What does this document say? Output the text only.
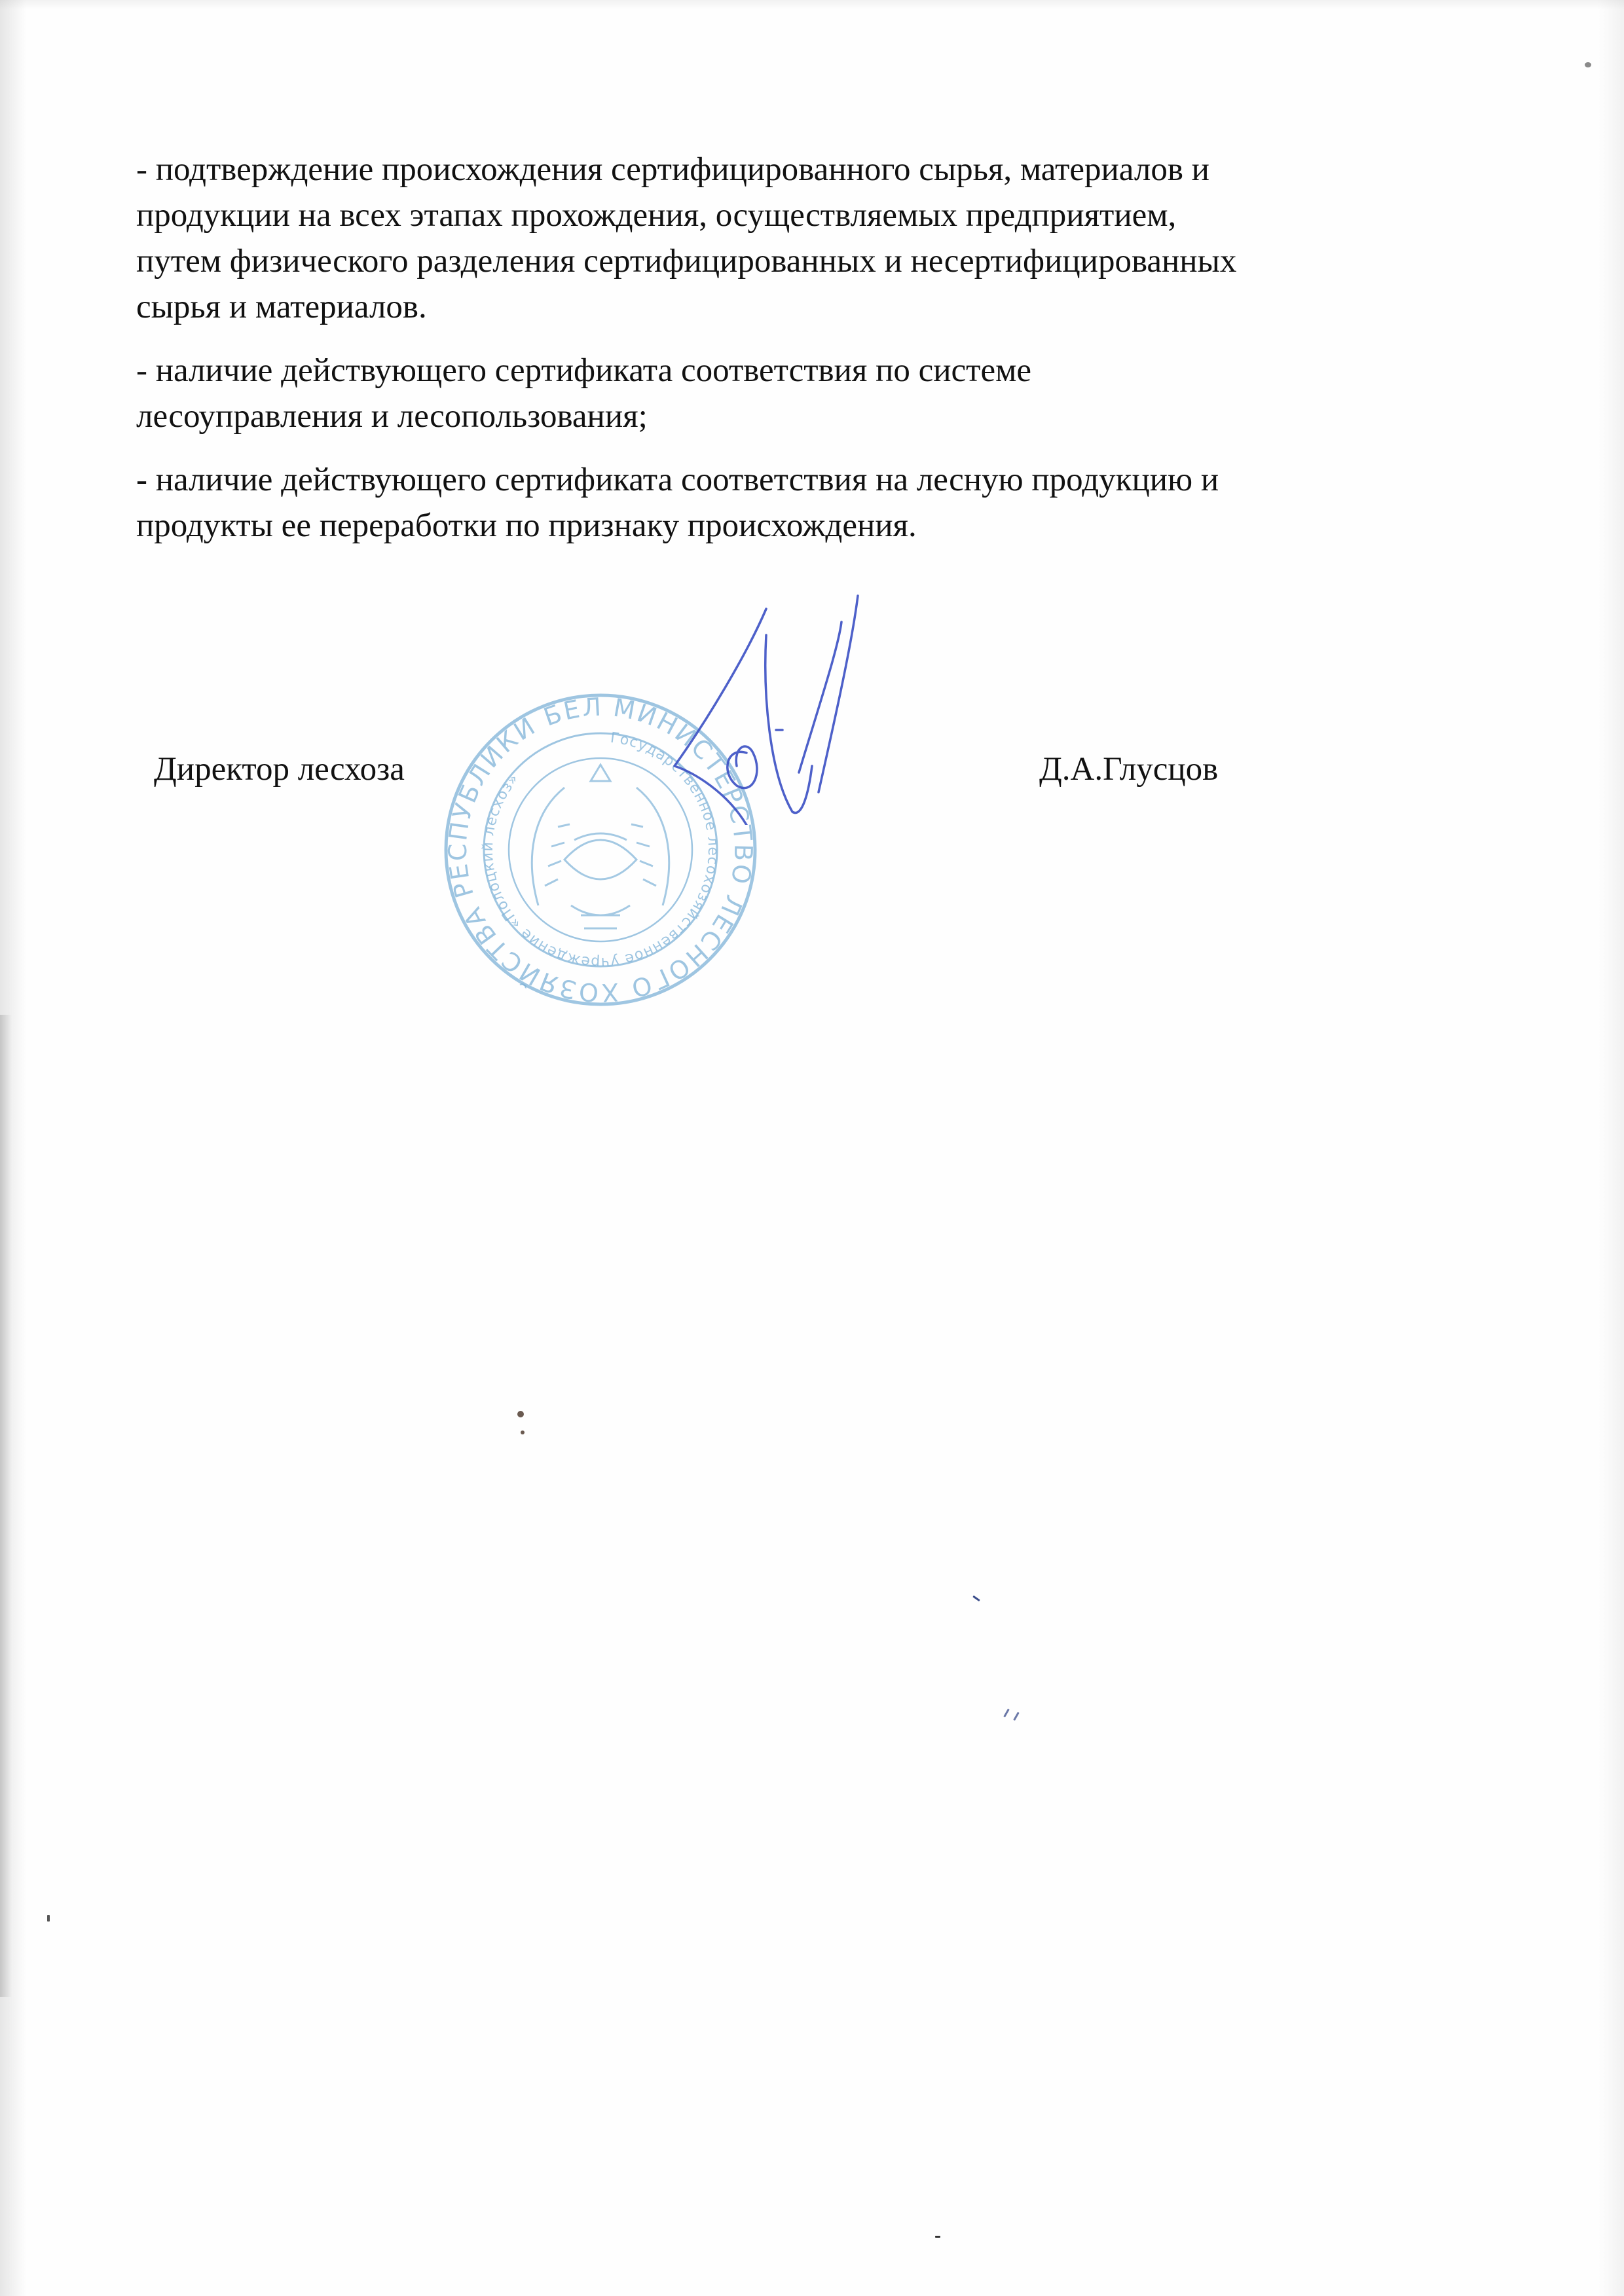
- подтверждение происхождения сертифицированного сырья, материалов и
продукции на всех этапах прохождения, осуществляемых предприятием,
путем физического разделения сертифицированных и несертифицированных
сырья и материалов.

- наличие действующего сертификата соответствия по системе
лесоуправления и лесопользования;

- наличие действующего сертификата соответствия на лесную продукцию и
продукты ее переработки по признаку происхождения.

МИНИСТЕРСТВО ЛЕСНОГО ХОЗЯЙСТВА РЕСПУБЛИКИ БЕЛАРУСЬ
Государственное лесохозяйственное учреждение «Полоцкий лесхоз»
Директор лесхоза	Д.А.Глусцов
